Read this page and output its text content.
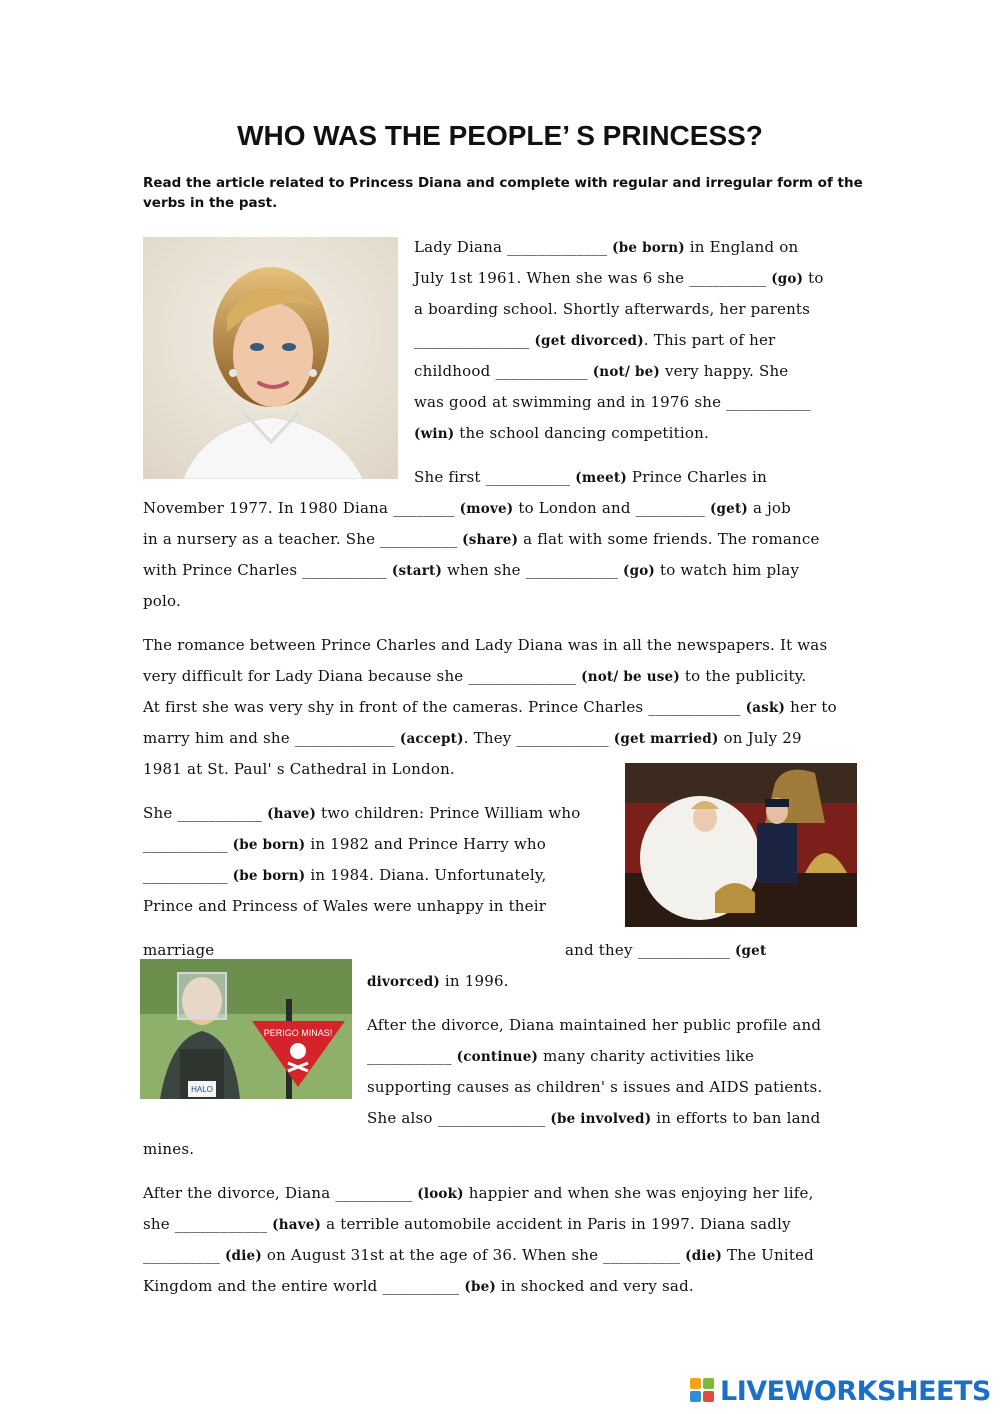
WHO WAS THE PEOPLE’ S PRINCESS?

Read the article related to Princess Diana and complete with regular and irregular form of the verbs in the past.

Lady Diana _____________ (be born) in England on
July 1st 1961. When she was 6 she __________ (go) to
a boarding school. Shortly afterwards, her parents
_______________ (get divorced). This part of her
childhood ____________ (not/ be) very happy. She
was good at swimming and in 1976 she ___________
(win) the school dancing competition.
She first ___________ (meet) Prince Charles in
November 1977. In 1980 Diana ________ (move) to London and _________ (get) a job
in a nursery as a teacher. She __________ (share) a flat with some friends. The romance
with Prince Charles ___________ (start) when she ____________ (go) to watch him play
polo.
The romance between Prince Charles and Lady Diana was in all the newspapers. It was
very difficult for Lady Diana because she ______________ (not/ be use) to the publicity.
At first she was very shy in front of the cameras. Prince Charles ____________ (ask) her to
marry him and she _____________ (accept). They ____________ (get married) on July 29
1981 at St. Paul' s Cathedral in London.
She ___________ (have) two children: Prince William who
___________ (be born) in 1982 and Prince Harry who
___________ (be born) in 1984. Diana. Unfortunately,
Prince and Princess of Wales were unhappy in their
marriage	and they ____________ (get
divorced) in 1996.
After the divorce, Diana maintained her public profile and
___________ (continue) many charity activities like
supporting causes as children' s issues and AIDS patients.
She also ______________ (be involved) in efforts to ban land
mines.
After the divorce, Diana __________ (look) happier and when she was enjoying her life,
she ____________ (have) a terrible automobile accident in Paris in 1997. Diana sadly
__________ (die) on August 31st at the age of 36. When she __________ (die) The United
Kingdom and the entire world __________ (be) in shocked and very sad.
PERIGO MINAS!
HALO
LIVEWORKSHEETS
